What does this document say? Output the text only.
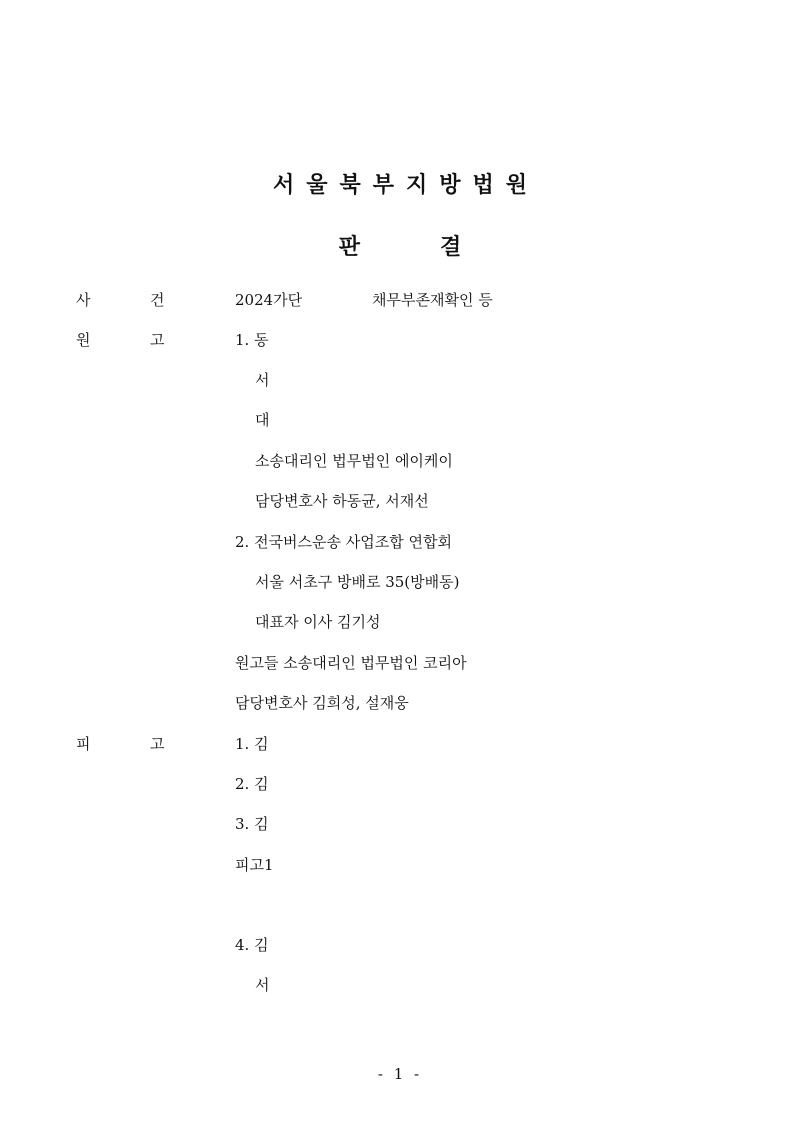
서울북부지방법원
판결
사	건	2024가단	채무부존재확인 등
원	고	1. 동
서
대
소송대리인 법무법인 에이케이
담당변호사 하동균, 서재선
2. 전국버스운송 사업조합 연합회
서울 서초구 방배로 35(방배동)
대표자 이사 김기성
원고들 소송대리인 법무법인 코리아
담당변호사 김희성, 설재웅
피	고	1. 김
2. 김
3. 김
피고1
4. 김
서
- 1 -
